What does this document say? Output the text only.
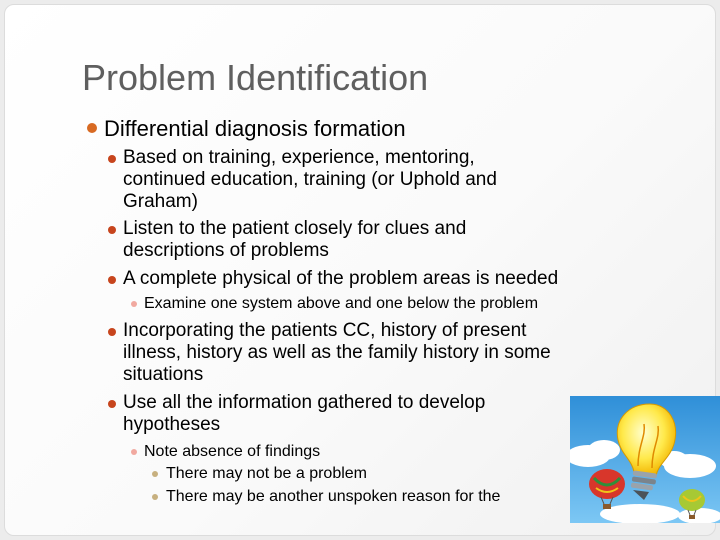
Problem Identification
Differential diagnosis formation
Based on training, experience, mentoring,
continued education, training (or Uphold and
Graham)
Listen to the patient closely for clues and
descriptions of problems
A complete physical of the problem areas is needed
Examine one system above and one below the problem
Incorporating the patients CC, history of present
illness, history as well as the family history in some
situations
Use all the information gathered to develop
hypotheses
Note absence of findings
There may not be a problem
There may be another unspoken reason for the
